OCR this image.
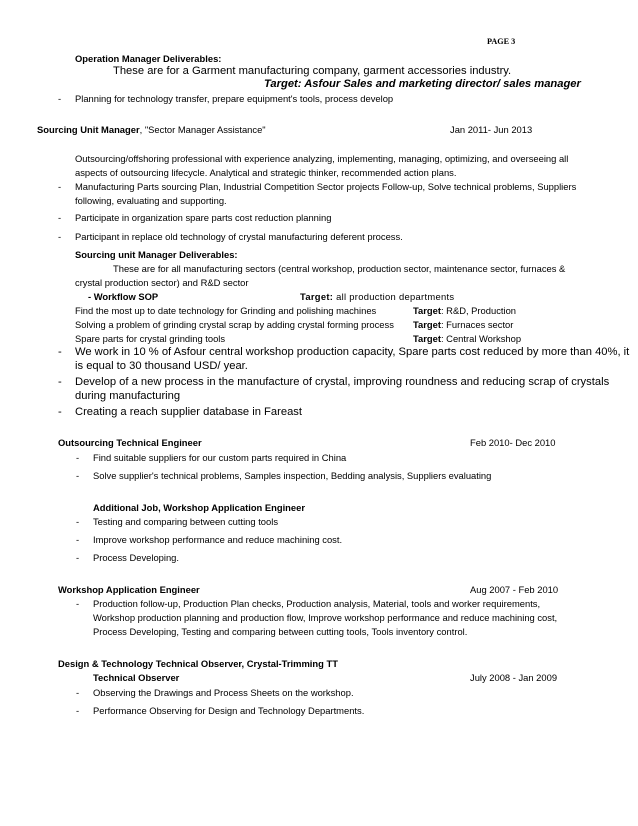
PAGE 3
Operation Manager Deliverables:
These are for a Garment manufacturing company, garment accessories industry.
Target: Asfour Sales and marketing director/ sales manager
- Planning for technology transfer, prepare equipment's tools, process develop
Sourcing Unit Manager, "Sector Manager Assistance"	Jan 2011- Jun 2013
Outsourcing/offshoring professional with experience analyzing, implementing, managing, optimizing, and overseeing all
aspects of outsourcing lifecycle. Analytical and strategic thinker, recommended action plans.
- Manufacturing Parts sourcing Plan, Industrial Competition Sector projects Follow-up, Solve technical problems, Suppliers
following, evaluating and supporting.
- Participate in organization spare parts cost reduction planning
- Participant in replace old technology of crystal manufacturing deferent process.
Sourcing unit Manager Deliverables:
These are for all manufacturing sectors (central workshop, production sector, maintenance sector, furnaces &
crystal production sector) and R&D sector
- Workflow SOP	Target: all production departments
Find the most up to date technology for Grinding and polishing machines	Target: R&D, Production
Solving a problem of grinding crystal scrap by adding crystal forming process Target: Furnaces sector
Spare parts for crystal grinding tools	Target: Central Workshop
- We work in 10 % of Asfour central workshop production capacity, Spare parts cost reduced by more than 40%, it
is equal to 30 thousand USD/ year.
- Develop of a new process in the manufacture of crystal, improving roundness and reducing scrap of crystals
during manufacturing
- Creating a reach supplier database in Fareast
Outsourcing Technical Engineer	Feb 2010- Dec 2010
- Find suitable suppliers for our custom parts required in China
- Solve supplier's technical problems, Samples inspection, Bedding analysis, Suppliers evaluating
Additional Job, Workshop Application Engineer
- Testing and comparing between cutting tools
- Improve workshop performance and reduce machining cost.
- Process Developing.
Workshop Application Engineer	Aug 2007 - Feb 2010
- Production follow-up, Production Plan checks, Production analysis, Material, tools and worker requirements,
Workshop production planning and production flow, Improve workshop performance and reduce machining cost,
Process Developing, Testing and comparing between cutting tools, Tools inventory control.
Design & Technology Technical Observer, Crystal-Trimming TT
Technical Observer	July 2008 - Jan 2009
- Observing the Drawings and Process Sheets on the workshop.
- Performance Observing for Design and Technology Departments.
